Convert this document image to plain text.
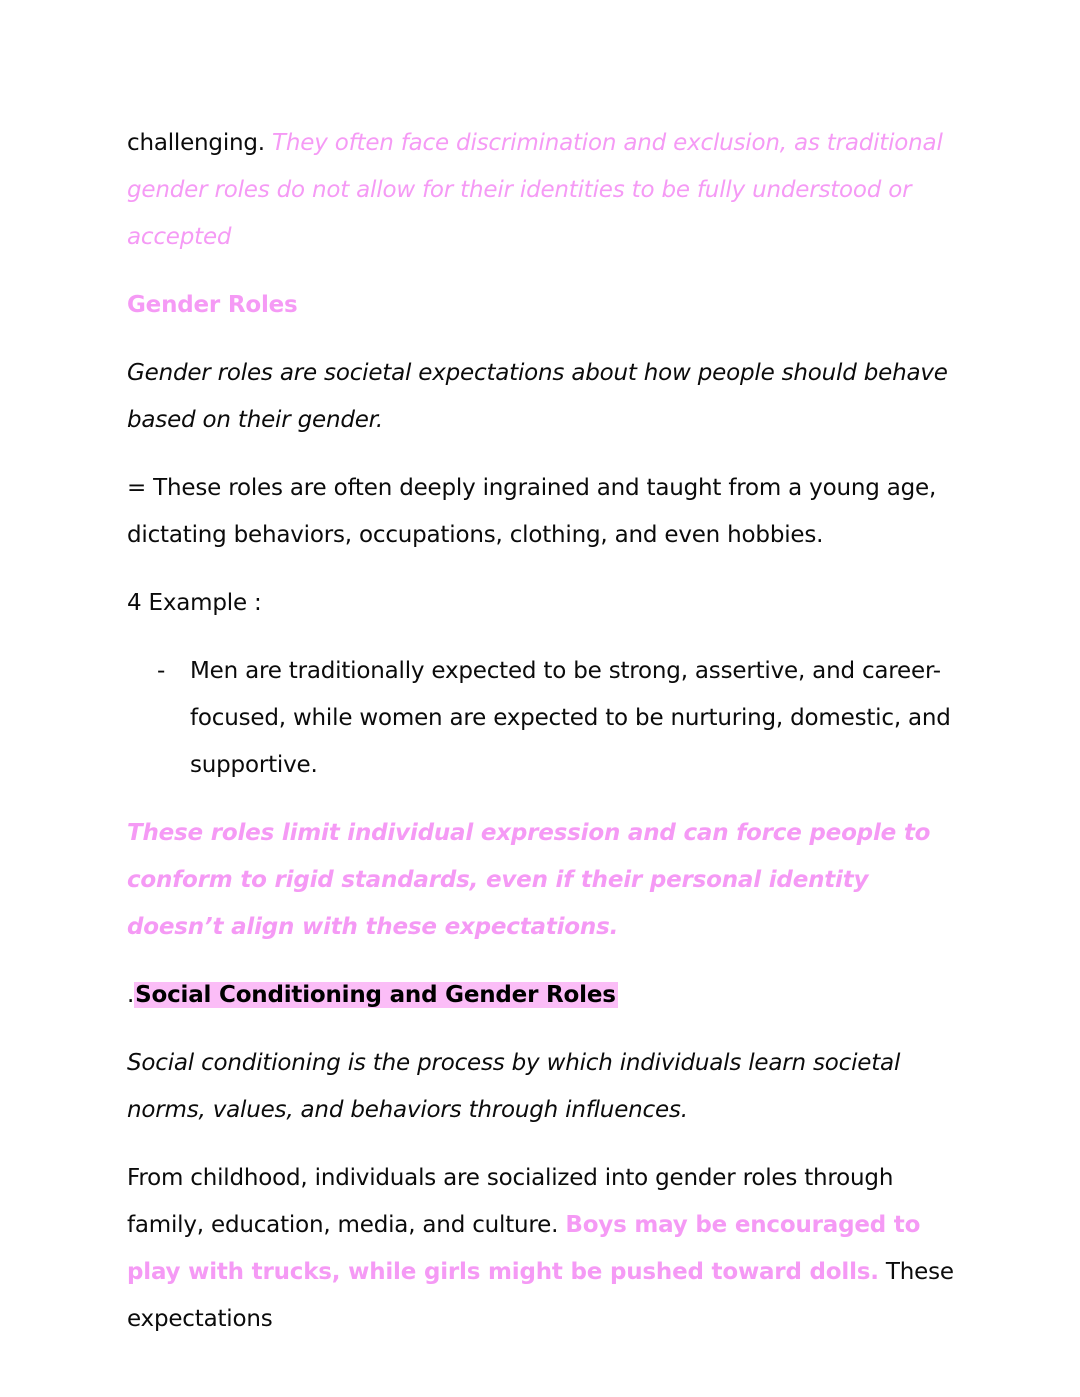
challenging. They often face discrimination and exclusion, as traditional gender roles do not allow for their identities to be fully understood or accepted

Gender Roles

Gender roles are societal expectations about how people should behave based on their gender.

= These roles are often deeply ingrained and taught from a young age, dictating behaviors, occupations, clothing, and even hobbies.

4 Example :

- Men are traditionally expected to be strong, assertive, and career-focused, while women are expected to be nurturing, domestic, and supportive.

These roles limit individual expression and can force people to conform to rigid standards, even if their personal identity doesn’t align with these expectations.

.Social Conditioning and Gender Roles

Social conditioning is the process by which individuals learn societal norms, values, and behaviors through influences.

From childhood, individuals are socialized into gender roles through family, education, media, and culture. Boys may be encouraged to play with trucks, while girls might be pushed toward dolls. These expectations
